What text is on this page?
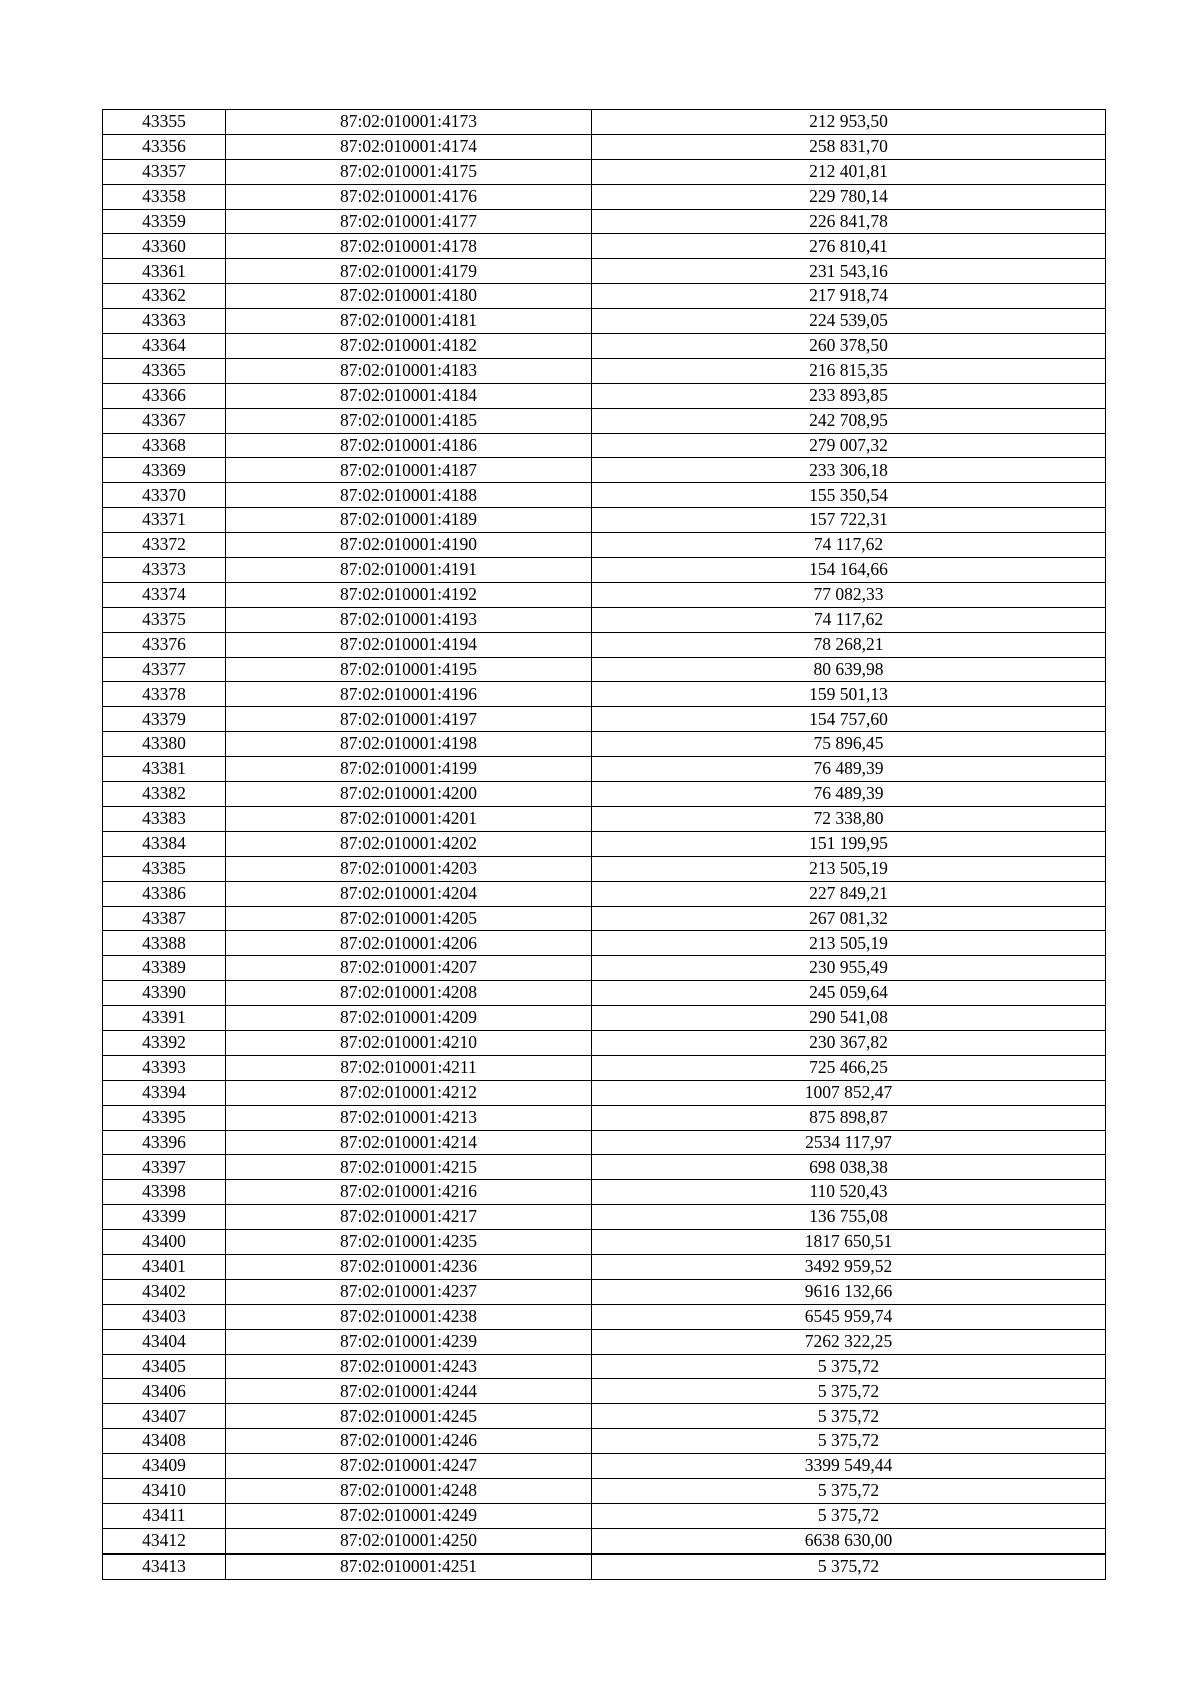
43355	87:02:010001:4173	212 953,50
43356	87:02:010001:4174	258 831,70
43357	87:02:010001:4175	212 401,81
43358	87:02:010001:4176	229 780,14
43359	87:02:010001:4177	226 841,78
43360	87:02:010001:4178	276 810,41
43361	87:02:010001:4179	231 543,16
43362	87:02:010001:4180	217 918,74
43363	87:02:010001:4181	224 539,05
43364	87:02:010001:4182	260 378,50
43365	87:02:010001:4183	216 815,35
43366	87:02:010001:4184	233 893,85
43367	87:02:010001:4185	242 708,95
43368	87:02:010001:4186	279 007,32
43369	87:02:010001:4187	233 306,18
43370	87:02:010001:4188	155 350,54
43371	87:02:010001:4189	157 722,31
43372	87:02:010001:4190	74 117,62
43373	87:02:010001:4191	154 164,66
43374	87:02:010001:4192	77 082,33
43375	87:02:010001:4193	74 117,62
43376	87:02:010001:4194	78 268,21
43377	87:02:010001:4195	80 639,98
43378	87:02:010001:4196	159 501,13
43379	87:02:010001:4197	154 757,60
43380	87:02:010001:4198	75 896,45
43381	87:02:010001:4199	76 489,39
43382	87:02:010001:4200	76 489,39
43383	87:02:010001:4201	72 338,80
43384	87:02:010001:4202	151 199,95
43385	87:02:010001:4203	213 505,19
43386	87:02:010001:4204	227 849,21
43387	87:02:010001:4205	267 081,32
43388	87:02:010001:4206	213 505,19
43389	87:02:010001:4207	230 955,49
43390	87:02:010001:4208	245 059,64
43391	87:02:010001:4209	290 541,08
43392	87:02:010001:4210	230 367,82
43393	87:02:010001:4211	725 466,25
43394	87:02:010001:4212	1007 852,47
43395	87:02:010001:4213	875 898,87
43396	87:02:010001:4214	2534 117,97
43397	87:02:010001:4215	698 038,38
43398	87:02:010001:4216	110 520,43
43399	87:02:010001:4217	136 755,08
43400	87:02:010001:4235	1817 650,51
43401	87:02:010001:4236	3492 959,52
43402	87:02:010001:4237	9616 132,66
43403	87:02:010001:4238	6545 959,74
43404	87:02:010001:4239	7262 322,25
43405	87:02:010001:4243	5 375,72
43406	87:02:010001:4244	5 375,72
43407	87:02:010001:4245	5 375,72
43408	87:02:010001:4246	5 375,72
43409	87:02:010001:4247	3399 549,44
43410	87:02:010001:4248	5 375,72
43411	87:02:010001:4249	5 375,72
43412	87:02:010001:4250	6638 630,00
43413	87:02:010001:4251	5 375,72
